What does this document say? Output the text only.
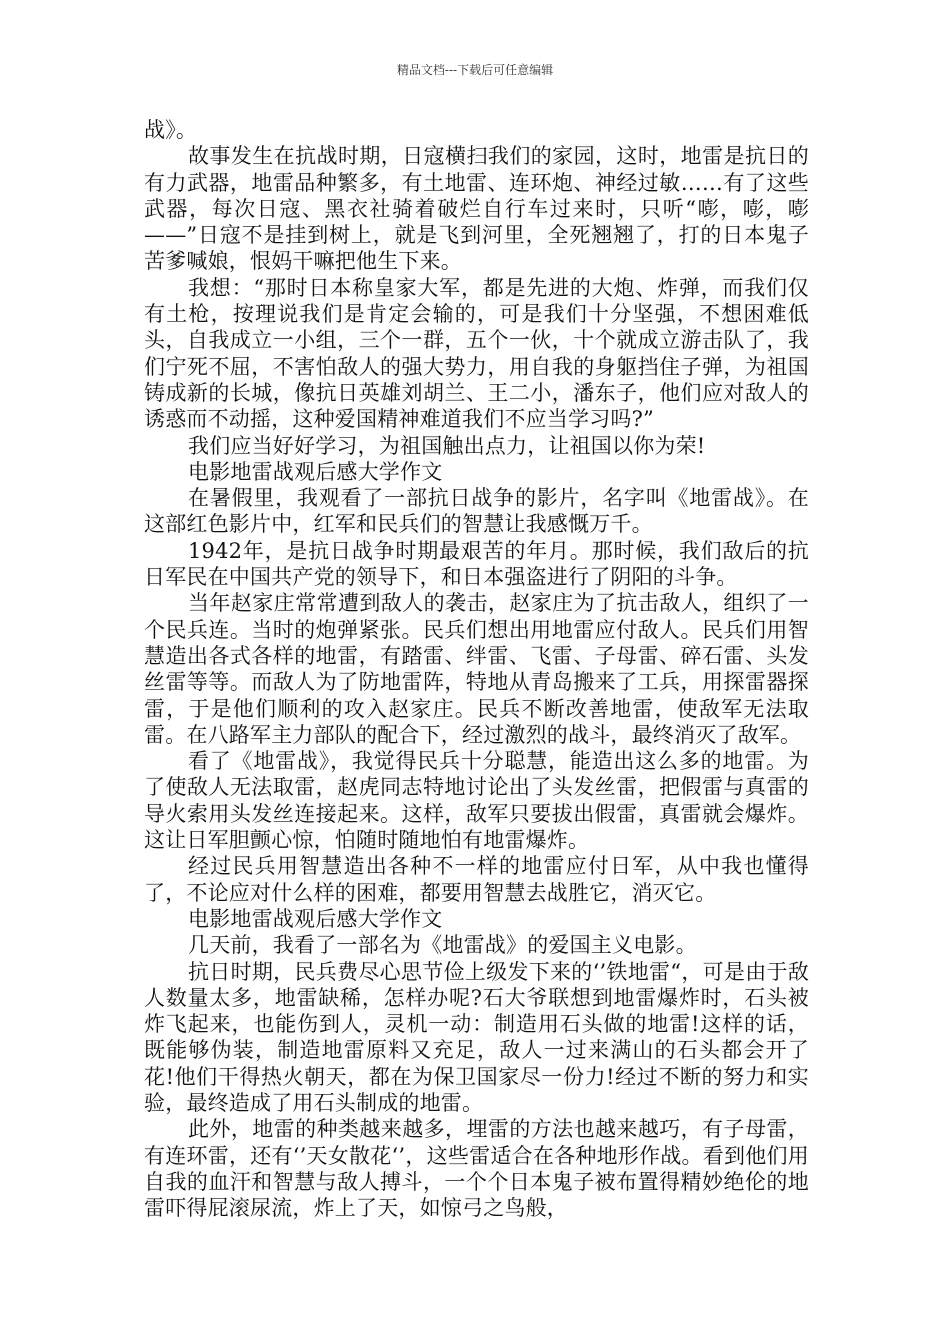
精品文档---下载后可任意编辑

战》。

故事发生在抗战时期，日寇横扫我们的家园，这时，地雷是抗日的有力武器，地雷品种繁多，有土地雷、连环炮、神经过敏……有了这些武器，每次日寇、黑衣社骑着破烂自行车过来时，只听“嘭，嘭，嘭——”日寇不是挂到树上，就是飞到河里，全死翘翘了，打的日本鬼子苦爹喊娘，恨妈干嘛把他生下来。

我想：“那时日本称皇家大军，都是先进的大炮、炸弹，而我们仅有土枪，按理说我们是肯定会输的，可是我们十分坚强，不想困难低头，自我成立一小组，三个一群，五个一伙，十个就成立游击队了，我们宁死不屈，不害怕敌人的强大势力，用自我的身躯挡住子弹，为祖国铸成新的长城，像抗日英雄刘胡兰、王二小，潘东子，他们应对敌人的诱惑而不动摇，这种爱国精神难道我们不应当学习吗?”

我们应当好好学习，为祖国触出点力，让祖国以你为荣!

电影地雷战观后感大学作文

在暑假里，我观看了一部抗日战争的影片，名字叫《地雷战》。在这部红色影片中，红军和民兵们的智慧让我感慨万千。

1942年，是抗日战争时期最艰苦的年月。那时候，我们敌后的抗日军民在中国共产党的领导下，和日本强盗进行了阴阳的斗争。

当年赵家庄常常遭到敌人的袭击，赵家庄为了抗击敌人，组织了一个民兵连。当时的炮弹紧张。民兵们想出用地雷应付敌人。民兵们用智慧造出各式各样的地雷，有踏雷、绊雷、飞雷、子母雷、碎石雷、头发丝雷等等。而敌人为了防地雷阵，特地从青岛搬来了工兵，用探雷器探雷，于是他们顺利的攻入赵家庄。民兵不断改善地雷，使敌军无法取雷。在八路军主力部队的配合下，经过激烈的战斗，最终消灭了敌军。

看了《地雷战》，我觉得民兵十分聪慧，能造出这么多的地雷。为了使敌人无法取雷，赵虎同志特地讨论出了头发丝雷，把假雷与真雷的导火索用头发丝连接起来。这样，敌军只要拔出假雷，真雷就会爆炸。这让日军胆颤心惊，怕随时随地怕有地雷爆炸。

经过民兵用智慧造出各种不一样的地雷应付日军，从中我也懂得了，不论应对什么样的困难，都要用智慧去战胜它，消灭它。

电影地雷战观后感大学作文

几天前，我看了一部名为《地雷战》的爱国主义电影。

抗日时期，民兵费尽心思节俭上级发下来的‘’铁地雷“，可是由于敌人数量太多，地雷缺稀，怎样办呢?石大爷联想到地雷爆炸时，石头被炸飞起来，也能伤到人，灵机一动：制造用石头做的地雷!这样的话，既能够伪装，制造地雷原料又充足，敌人一过来满山的石头都会开了花!他们干得热火朝天，都在为保卫国家尽一份力!经过不断的努力和实验，最终造成了用石头制成的地雷。

此外，地雷的种类越来越多，埋雷的方法也越来越巧，有子母雷，有连环雷，还有‘’天女散花‘’，这些雷适合在各种地形作战。看到他们用自我的血汗和智慧与敌人搏斗，一个个日本鬼子被布置得精妙绝伦的地雷吓得屁滚尿流，炸上了天，如惊弓之鸟般，
